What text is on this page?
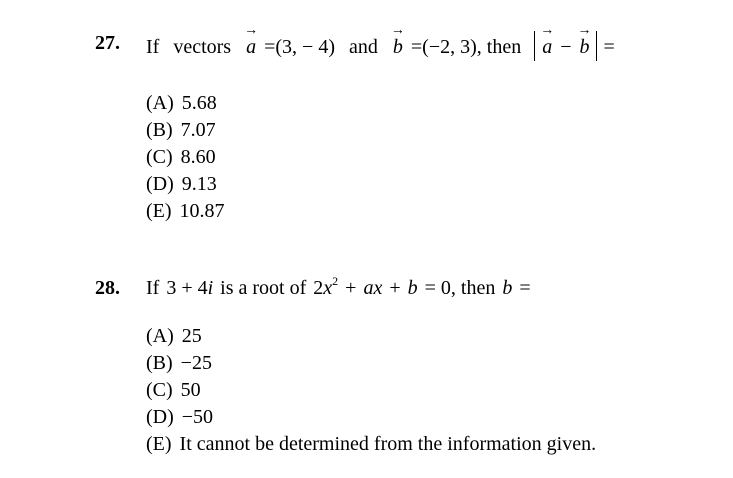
27. If vectors
→
a =(3, − 4) and
→
b =(−2, 3), then
→
a −
→
b =
(A) 5.68
(B) 7.07
(C) 8.60
(D) 9.13
(E) 10.87
28. If 3 + 4i is a root of $2x^2$ + ax + b = 0, then b =
(A) 25
(B) −25
(C) 50
(D) −50
(E) It cannot be determined from the information given.
